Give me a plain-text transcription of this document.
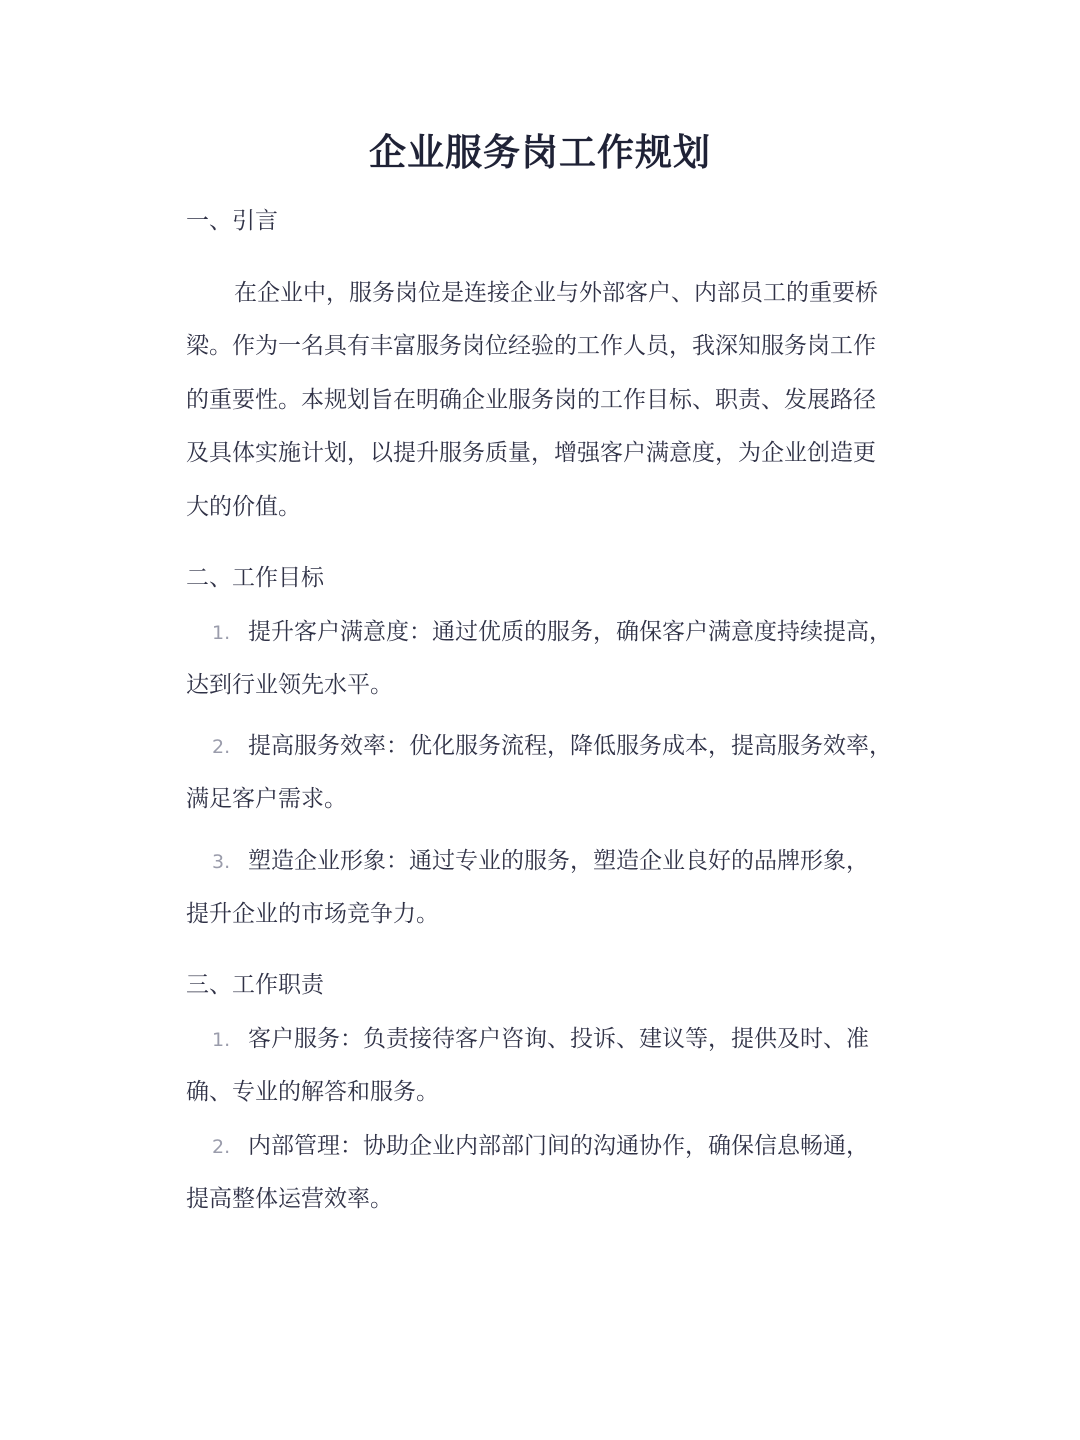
企业服务岗工作规划
一、引言
在企业中，服务岗位是连接企业与外部客户、内部员工的重要桥
梁。作为一名具有丰富服务岗位经验的工作人员，我深知服务岗工作
的重要性。本规划旨在明确企业服务岗的工作目标、职责、发展路径
及具体实施计划，以提升服务质量，增强客户满意度，为企业创造更
大的价值。
二、工作目标
1. 提升客户满意度：通过优质的服务，确保客户满意度持续提高，
达到行业领先水平。
2. 提高服务效率：优化服务流程，降低服务成本，提高服务效率，
满足客户需求。
3. 塑造企业形象：通过专业的服务，塑造企业良好的品牌形象，
提升企业的市场竞争力。
三、工作职责
1. 客户服务：负责接待客户咨询、投诉、建议等，提供及时、准
确、专业的解答和服务。
2. 内部管理：协助企业内部部门间的沟通协作，确保信息畅通，
提高整体运营效率。
